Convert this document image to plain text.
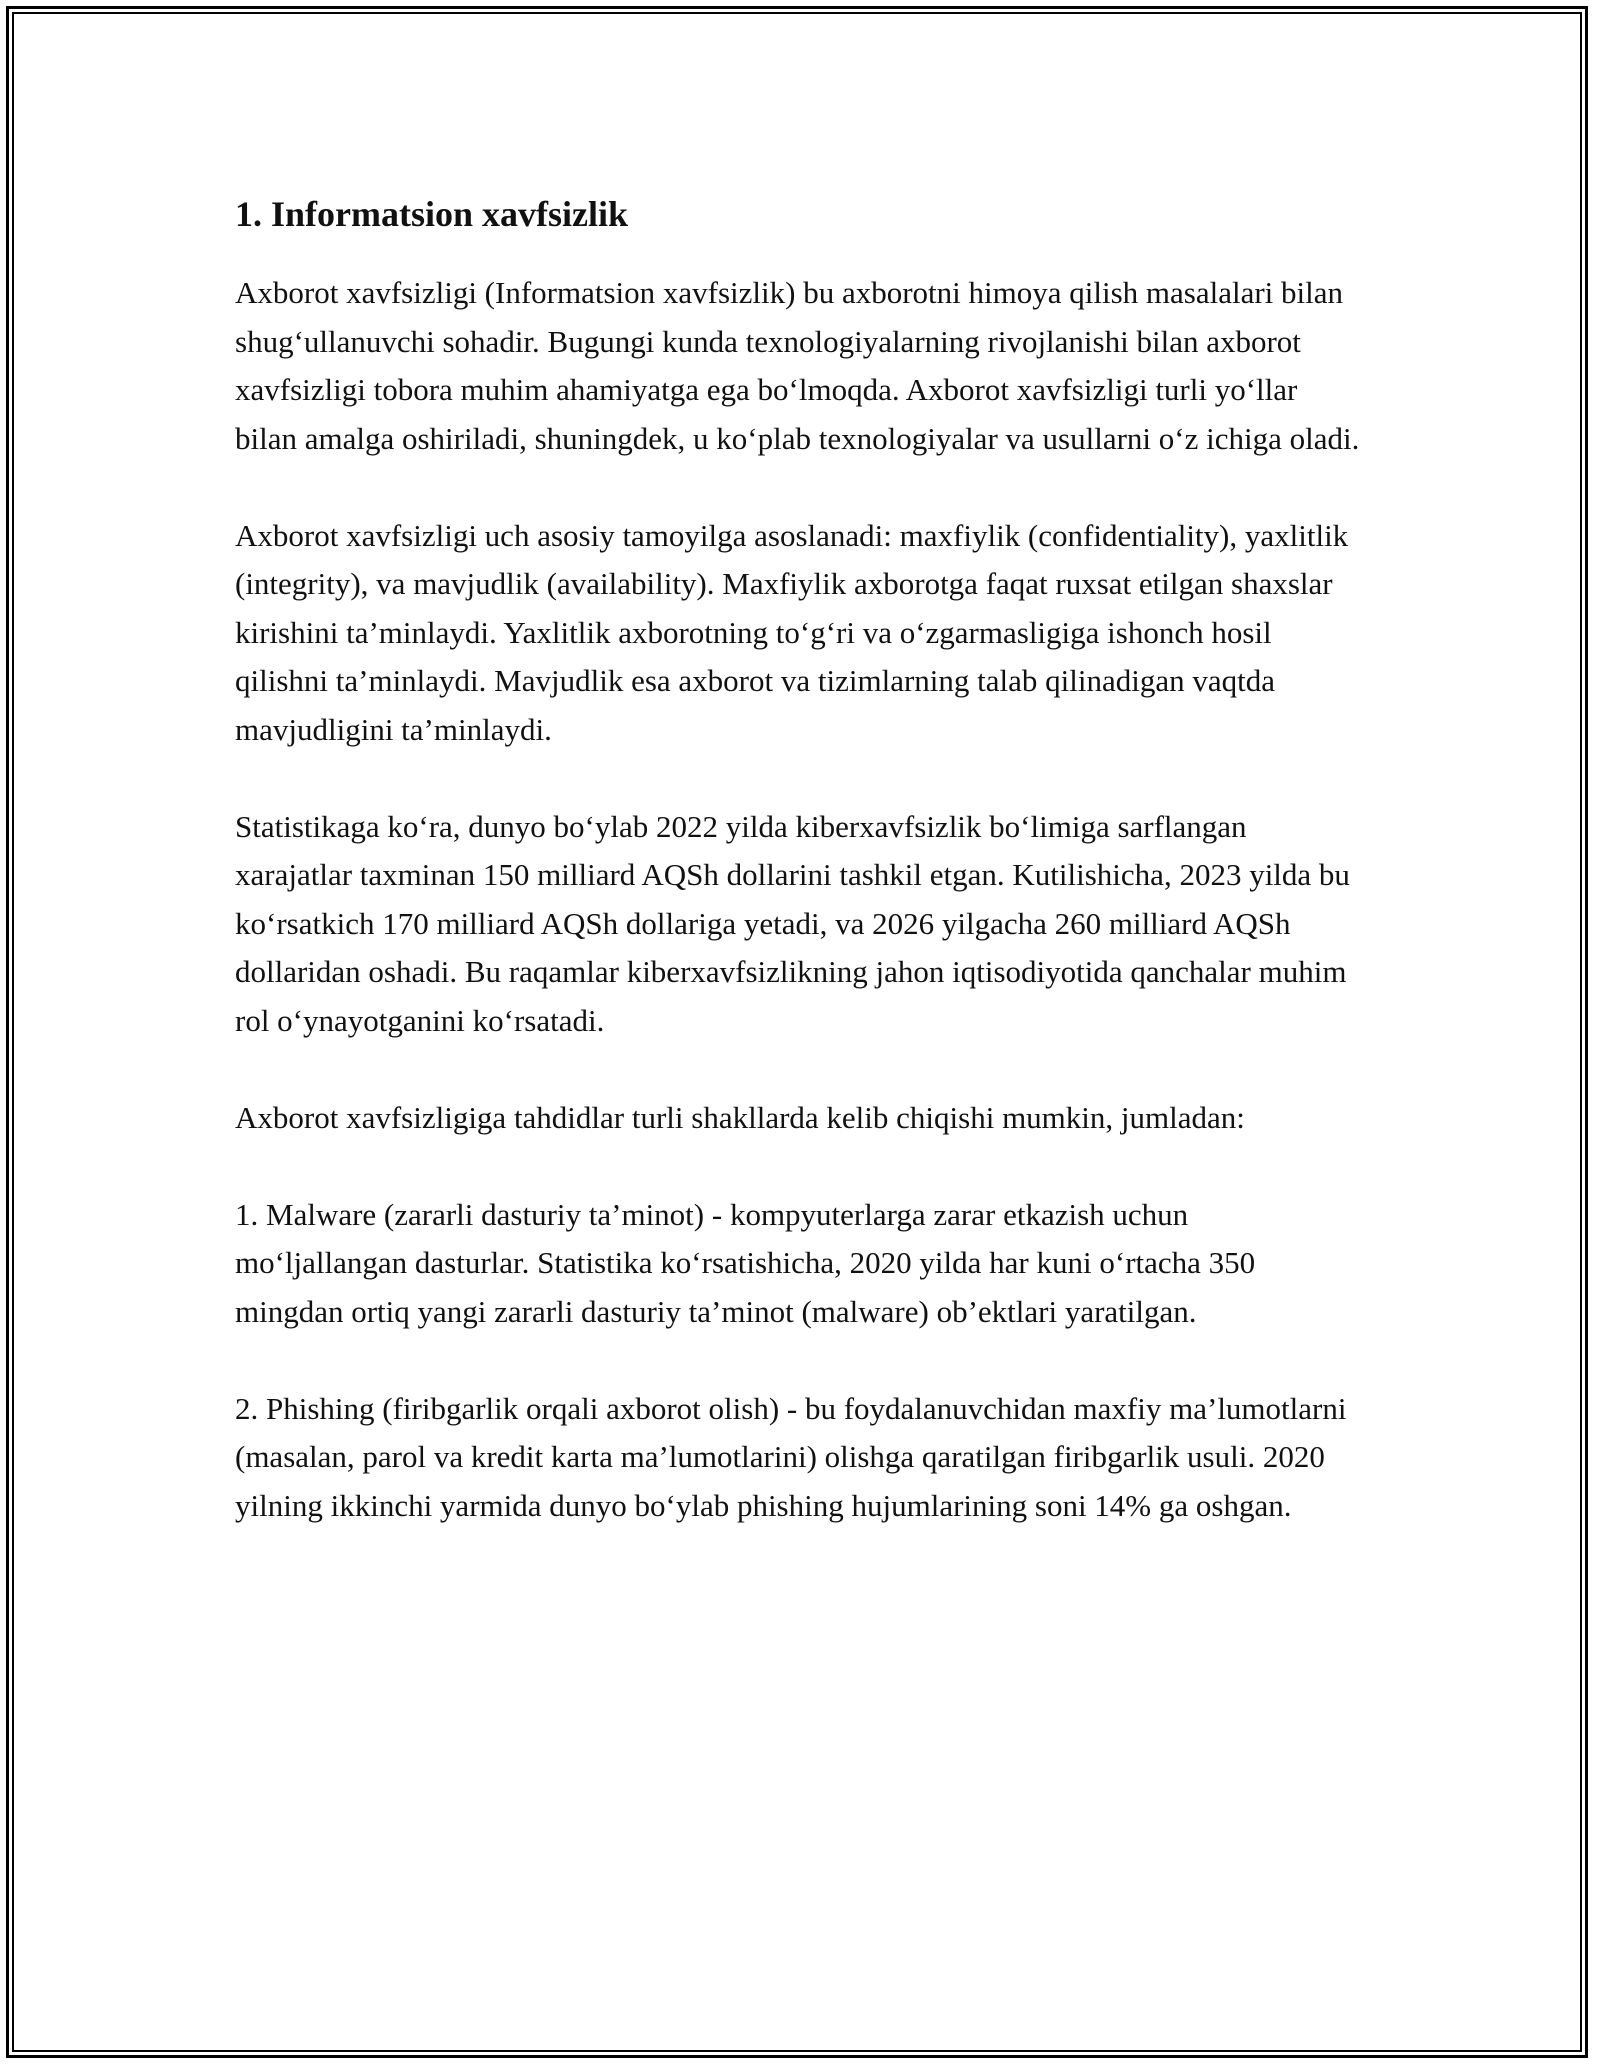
1. Informatsion xavfsizlik

Axborot xavfsizligi (Informatsion xavfsizlik) bu axborotni himoya qilish masalalari bilan shug‘ullanuvchi sohadir. Bugungi kunda texnologiyalarning rivojlanishi bilan axborot xavfsizligi tobora muhim ahamiyatga ega bo‘lmoqda. Axborot xavfsizligi turli yo‘llar bilan amalga oshiriladi, shuningdek, u ko‘plab texnologiyalar va usullarni o‘z ichiga oladi.

Axborot xavfsizligi uch asosiy tamoyilga asoslanadi: maxfiylik (confidentiality), yaxlitlik (integrity), va mavjudlik (availability). Maxfiylik axborotga faqat ruxsat etilgan shaxslar kirishini ta’minlaydi. Yaxlitlik axborotning to‘g‘ri va o‘zgarmasligiga ishonch hosil qilishni ta’minlaydi. Mavjudlik esa axborot va tizimlarning talab qilinadigan vaqtda mavjudligini ta’minlaydi.

Statistikaga ko‘ra, dunyo bo‘ylab 2022 yilda kiberxavfsizlik bo‘limiga sarflangan xarajatlar taxminan 150 milliard AQSh dollarini tashkil etgan. Kutilishicha, 2023 yilda bu ko‘rsatkich 170 milliard AQSh dollariga yetadi, va 2026 yilgacha 260 milliard AQSh dollaridan oshadi. Bu raqamlar kiberxavfsizlikning jahon iqtisodiyotida qanchalar muhim rol o‘ynayotganini ko‘rsatadi.

Axborot xavfsizligiga tahdidlar turli shakllarda kelib chiqishi mumkin, jumladan:

1. Malware (zararli dasturiy ta’minot) - kompyuterlarga zarar etkazish uchun mo‘ljallangan dasturlar. Statistika ko‘rsatishicha, 2020 yilda har kuni o‘rtacha 350 mingdan ortiq yangi zararli dasturiy ta’minot (malware) ob’ektlari yaratilgan.

2. Phishing (firibgarlik orqali axborot olish) - bu foydalanuvchidan maxfiy ma’lumotlarni (masalan, parol va kredit karta ma’lumotlarini) olishga qaratilgan firibgarlik usuli. 2020 yilning ikkinchi yarmida dunyo bo‘ylab phishing hujumlarining soni 14% ga oshgan.
